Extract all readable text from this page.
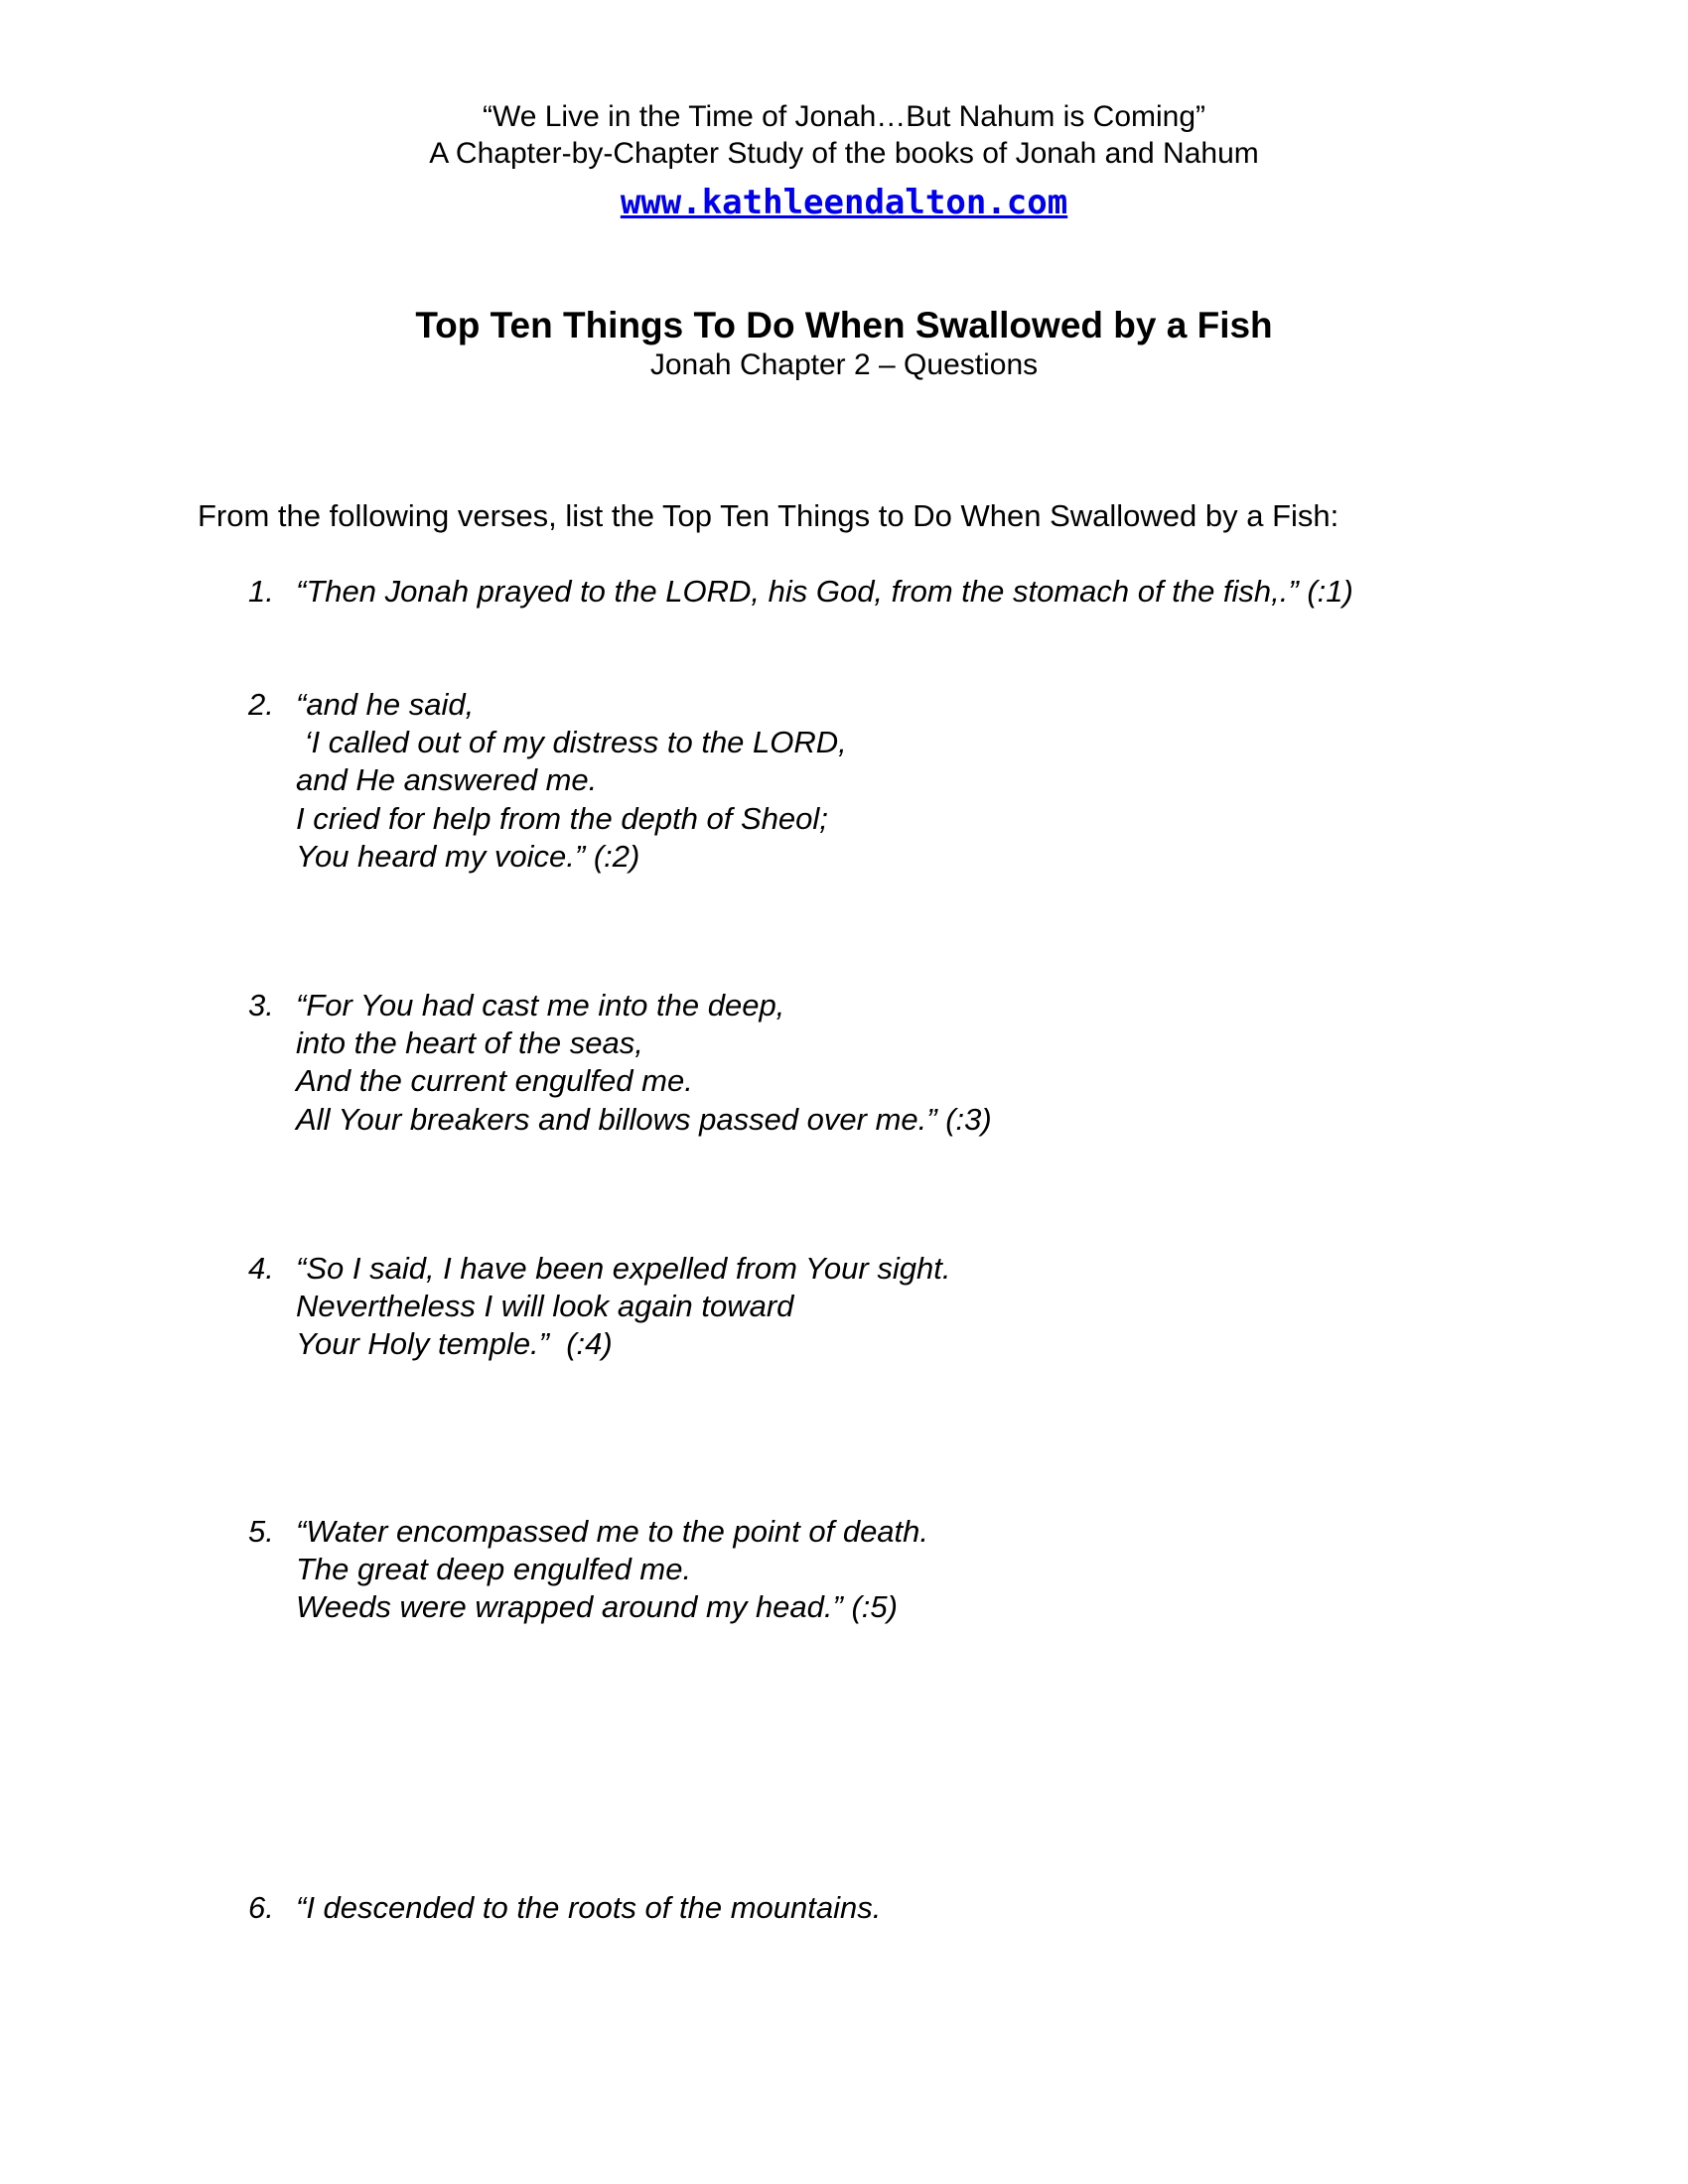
“We Live in the Time of Jonah…But Nahum is Coming”
A Chapter-by-Chapter Study of the books of Jonah and Nahum
www.kathleendalton.com
Top Ten Things To Do When Swallowed by a Fish
Jonah Chapter 2 – Questions
From the following verses, list the Top Ten Things to Do When Swallowed by a Fish:
1. “Then Jonah prayed to the LORD, his God, from the stomach of the fish,.” (:1)
2. “and he said,
‘I called out of my distress to the LORD,
and He answered me.
I cried for help from the depth of Sheol;
You heard my voice.” (:2)
3. “For You had cast me into the deep,
into the heart of the seas,
And the current engulfed me.
All Your breakers and billows passed over me.” (:3)
4. “So I said, I have been expelled from Your sight.
Nevertheless I will look again toward
Your Holy temple.”  (:4)
5. “Water encompassed me to the point of death.
The great deep engulfed me.
Weeds were wrapped around my head.” (:5)
6. “I descended to the roots of the mountains.
